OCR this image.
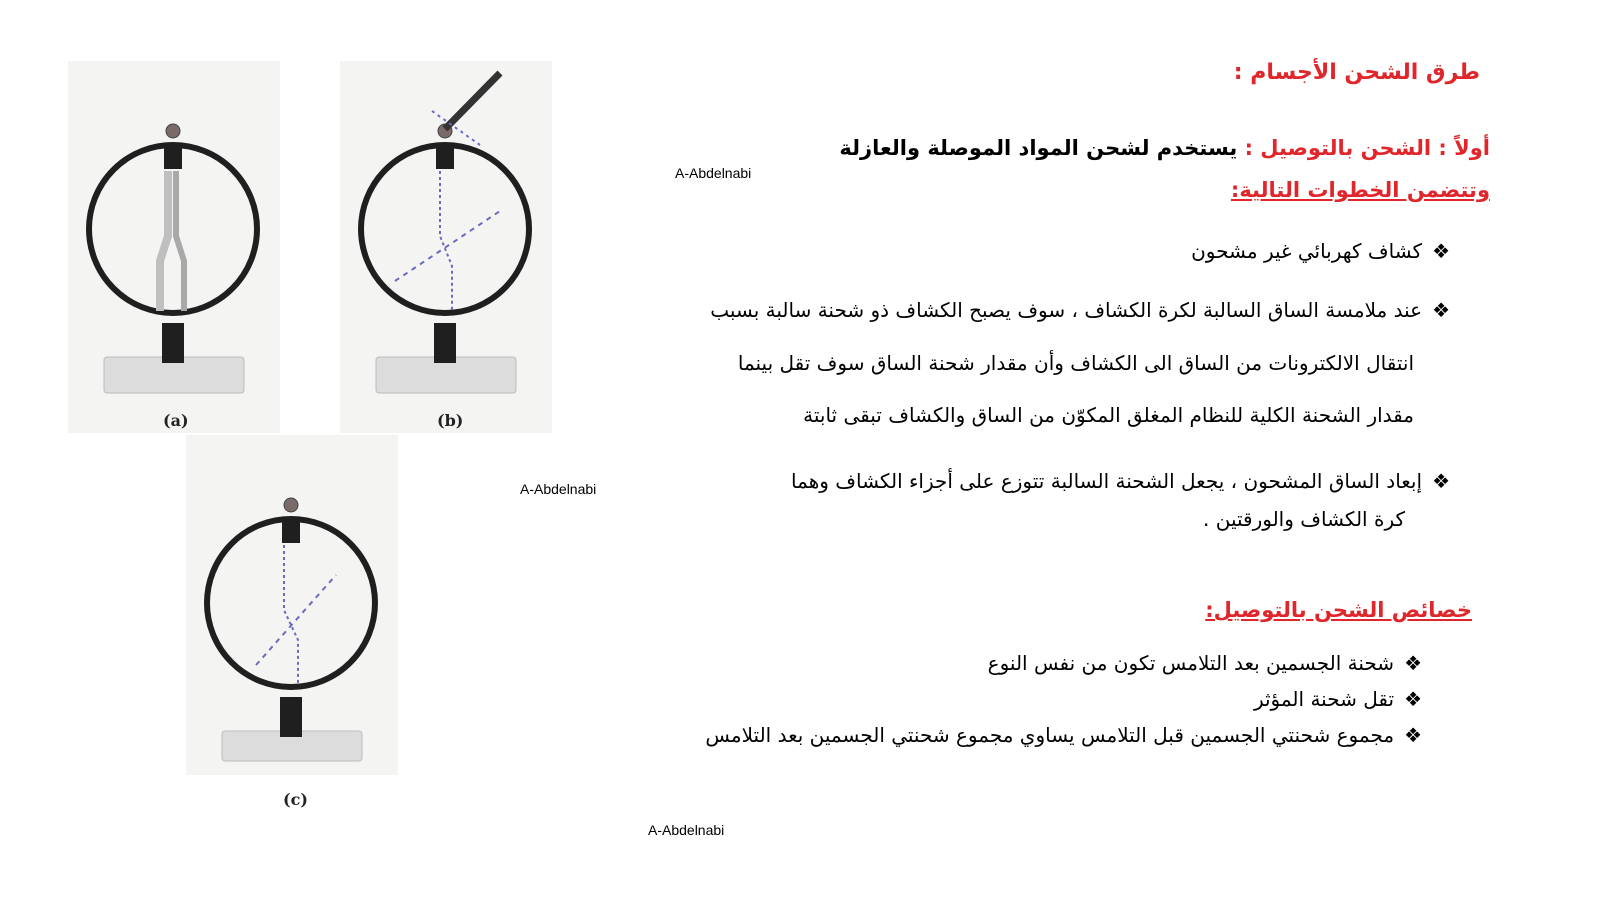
(a)	(b)
(c)
A-Abdelnabi
A-Abdelnabi
A-Abdelnabi
طرق الشحن الأجسام :
أولاً : الشحن بالتوصيل : يستخدم لشحن المواد الموصلة والعازلة
وتتضمن الخطوات التالية:
❖كشاف كهربائي غير مشحون
❖عند ملامسة الساق السالبة لكرة الكشاف ، سوف يصبح الكشاف ذو شحنة سالبة بسبب
انتقال الالكترونات من الساق الى الكشاف وأن مقدار شحنة الساق سوف تقل بينما
مقدار الشحنة الكلية للنظام المغلق المكوّن من الساق والكشاف تبقى ثابتة
❖إبعاد الساق المشحون ، يجعل الشحنة السالبة تتوزع على أجزاء الكشاف وهما
كرة الكشاف والورقتين .
خصائص الشحن بالتوصيل:
❖شحنة الجسمين بعد التلامس تكون من نفس النوع
❖تقل شحنة المؤثر
❖مجموع شحنتي الجسمين قبل التلامس يساوي مجموع شحنتي الجسمين بعد التلامس
